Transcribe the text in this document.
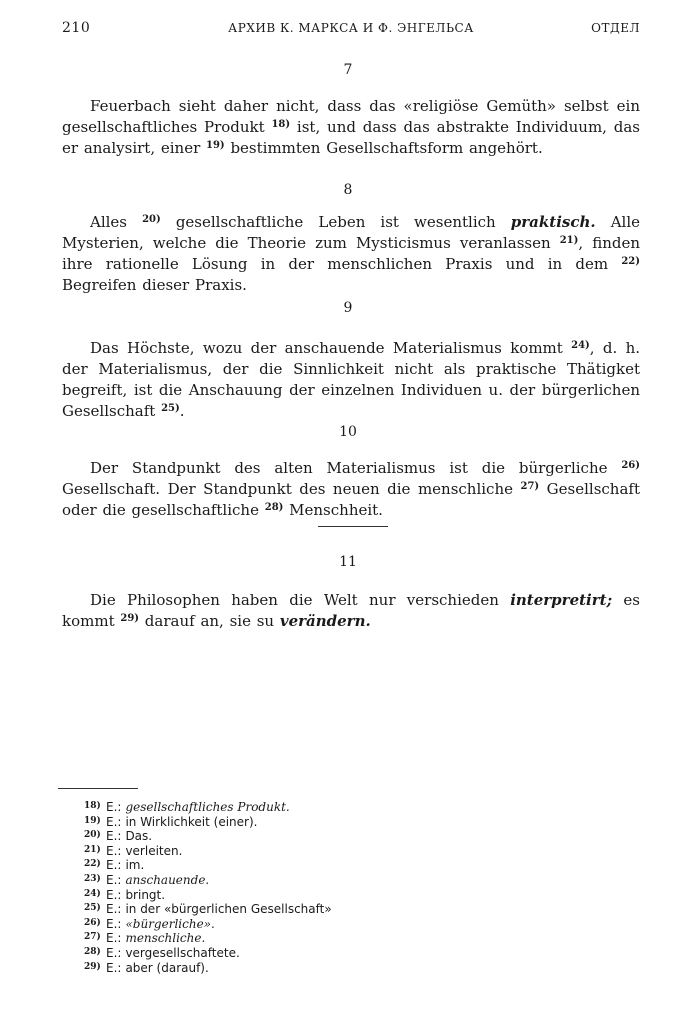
210	АРХИВ К. МАРКСА И Ф. ЭНГЕЛЬСА	ОТДЕЛ
7

Feuerbach sieht daher nicht, dass das «religiöse Gemüth» selbst ein gesellschaftliches Produkt $^{18)}$ ist, und dass das abstrakte Individuum, das er analysirt, einer $^{19)}$ bestimmten Gesellschaftsform angehört.

8

Alles $^{20)}$ gesellschaftliche Leben ist wesentlich praktisch. Alle Mysterien, welche die Theorie zum Mysticismus veranlassen $^{21)}$, finden ihre rationelle Lösung in der menschlichen Praxis und in dem $^{22)}$ Begreifen dieser Praxis.

9

Das Höchste, wozu der anschauende Materialismus kommt $^{24)}$, d. h. der Materialismus, der die Sinnlichkeit nicht als praktische Thätigket begreift, ist die Anschauung der einzelnen Individuen u. der bürgerlichen Gesellschaft $^{25)}$.

10

Der Standpunkt des alten Materialismus ist die bürgerliche $^{26)}$ Gesellschaft. Der Standpunkt des neuen die menschliche $^{27)}$ Gesellschaft oder die gesellschaftliche $^{28)}$ Menschheit.

11

Die Philosophen haben die Welt nur verschieden interpretirt; es kommt $^{29)}$ darauf an, sie su verändern.

18) E.: gesellschaftliches Produkt.
19) E.: in Wirklichkeit (einer).
20) E.: Das.
21) E.: verleiten.
22) E.: im.
23) E.: anschauende.
24) E.: bringt.
25) E.: in der «bürgerlichen Gesellschaft»
26) E.: «bürgerliche».
27) E.: menschliche.
28) E.: vergesellschaftete.
29) E.: aber (darauf).
